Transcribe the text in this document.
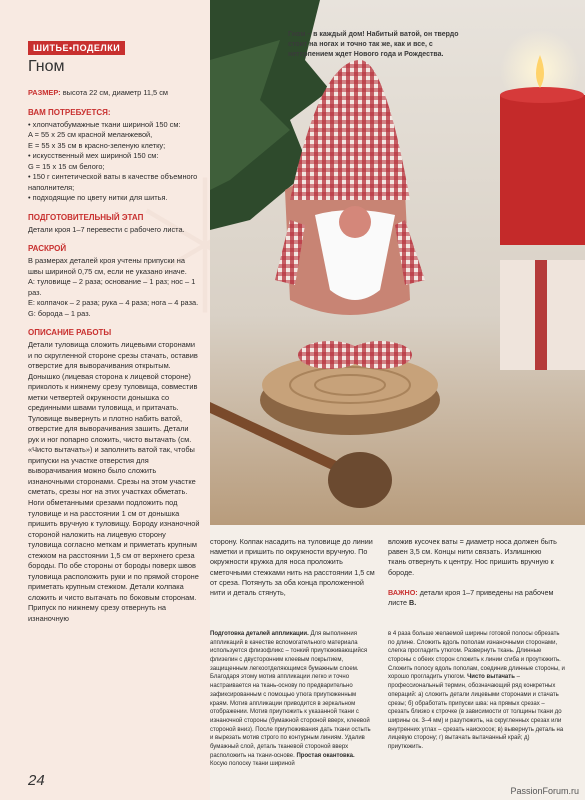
ШИТЬЕ•ПОДЕЛКИ
Гном
РАЗМЕР: высота 22 см, диаметр 11,5 см
ВАМ ПОТРЕБУЕТСЯ:
• хлопчатобумажные ткани шириной 150 см:
A = 55 x 25 см красной меланжевой,
E = 55 x 35 см в красно-зеленую клетку;
• искусственный мех шириной 150 см:
G = 15 x 15 см белого;
• 150 г синтетической ваты в качестве объемного наполнителя;
• подходящие по цвету нитки для шитья.
ПОДГОТОВИТЕЛЬНЫЙ ЭТАП
Детали кроя 1–7 перевести с рабочего листа.
РАСКРОЙ
В размерах деталей кроя учтены припуски на швы шириной 0,75 см, если не указано иначе.
A: туловище – 2 раза; основание – 1 раз; нос – 1 раз.
E: колпачок – 2 раза; рука – 4 раза; нога – 4 раза.
G: борода – 1 раз.
ОПИСАНИЕ РАБОТЫ
Детали туловища сложить лицевыми сторонами и по скругленной стороне срезы стачать, оставив отверстие для выворачивания открытым. Донышко (лицевая сторона к лицевой стороне) приколоть к нижнему срезу туловища, совместив метки четвертей окружности донышка со срединными швами туловища, и притачать. Туловище вывернуть и плотно набить ватой, отверстие для выворачивания зашить. Детали рук и ног попарно сложить, чисто вытачать (см. «Чисто вытачать») и заполнить ватой так, чтобы припуски на участке отверстия для выворачивания можно было сложить изнаночными сторонами. Срезы на этом участке сметать, срезы ног на этих участках обметать. Ноги обметанными срезами подложить под туловище и на расстоянии 1 см от донышка пришить вручную к туловищу. Бороду изнаночной стороной наложить на лицевую сторону туловища согласно меткам и приметать крупным стежком на расстоянии 1,5 см от верхнего среза бороды. По обе стороны от бороды поверх швов туловища расположить руки и по прямой стороне приметать крупным стежком. Детали колпака сложить и чисто вытачать по боковым сторонам. Припуск по нижнему срезу отвернуть на изнаночную
24
Гном – в каждый дом! Набитый ватой, он твердо стоит на ногах и точно так же, как и все, с нетерпением ждет Нового года и Рождества.
сторону. Колпак насадить на туловище до линии наметки и пришить по окружности вручную. По окружности кружка для носа проложить сметочными стежками нить на расстоянии 1,5 см от среза. Потянуть за оба конца проложенной нити и деталь стянуть,
вложив кусочек ваты = диаметр носа должен быть равен 3,5 см. Концы нити связать. Излишнюю ткань отвернуть к центру. Нос пришить вручную к бороде.
ВАЖНО: детали кроя 1–7 приведены на рабочем листе B.
Подготовка деталей аппликации. Для выполнения аппликаций в качестве вспомогательного материала используется флизофликс – тонкий приутюживающийся флизелин с двусторонним клеевым покрытием, защищенным легкоотделяющимся бумажным слоем. Благодаря этому мотив аппликации легко и точно настраивается на ткань-основу по предварительно зафиксированным с помощью утюга приутюженным краям. Мотив аппликации приводится в зеркальном отображении. Мотив приутюжить к указанной ткани с изнаночной стороны (бумажной стороной вверх, клеевой стороной вниз). После приутюживания дать ткани остыть и вырезать мотив строго по контурным линиям. Удалив бумажный слой, деталь тканевой стороной вверх расположить на ткани-основе. Простая окантовка. Косую полоску ткани шириной
в 4 раза больше желаемой ширины готовой полосы обрезать по длине. Сложить вдоль пополам изнаночными сторонами, слегка прогладить утюгом. Развернуть ткань. Длинные стороны с обеих сторон сложить к линии сгиба и проутюжить. Сложить полосу вдоль пополам, соединив длинные стороны, и хорошо прогладить утюгом. Чисто вытачать – профессиональный термин, обозначающий ряд конкретных операций: а) сложить детали лицевыми сторонами и стачать срезы; б) обработать припуски шва: на прямых срезах – срезать близко к строчке (в зависимости от толщины ткани до ширины ок. 3–4 мм) и разутюжить, на скругленных срезах или внутренних углах – срезать наискосок; в) вывернуть деталь на лицевую сторону; г) вытачать вытачанный край; д) приутюжить.
PassionForum.ru
